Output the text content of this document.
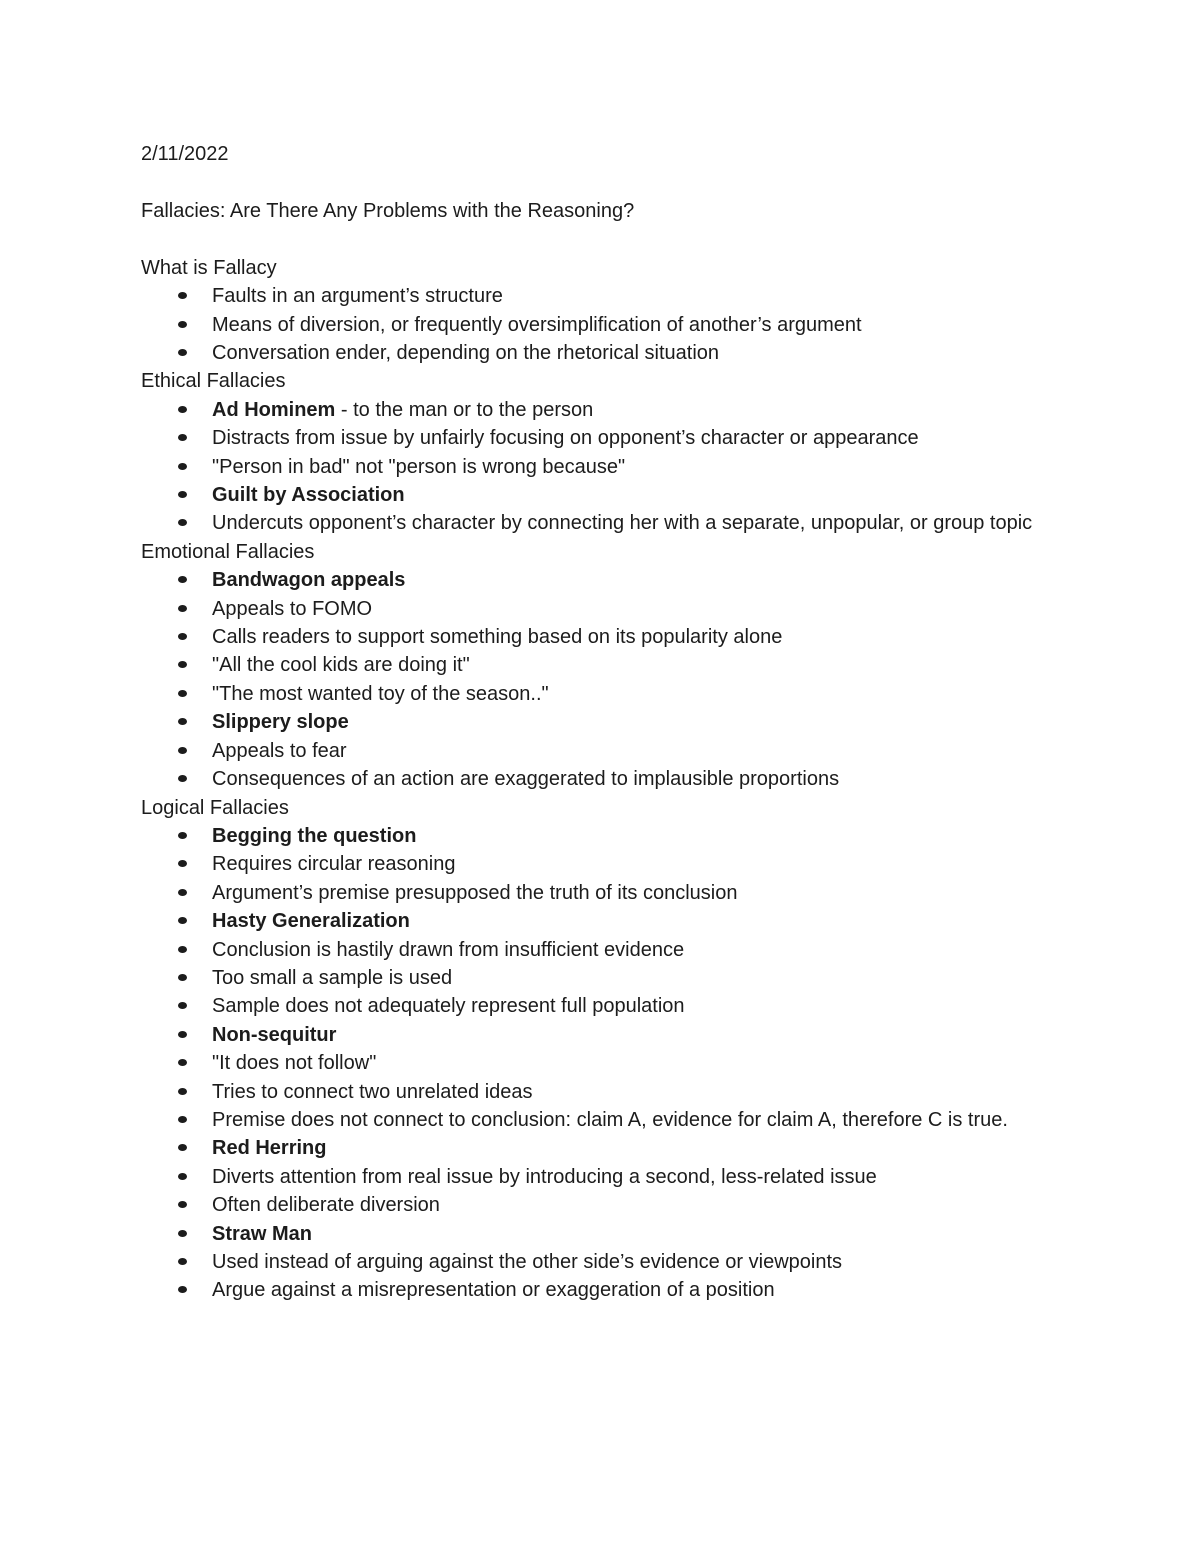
2/11/2022
Fallacies: Are There Any Problems with the Reasoning?
What is Fallacy
Faults in an argument’s structure
Means of diversion, or frequently oversimplification of another’s argument
Conversation ender, depending on the rhetorical situation
Ethical Fallacies
Ad Hominem - to the man or to the person
Distracts from issue by unfairly focusing on opponent’s character or appearance
"Person in bad" not "person is wrong because"
Guilt by Association
Undercuts opponent’s character by connecting her with a separate, unpopular, or group topic
Emotional Fallacies
Bandwagon appeals
Appeals to FOMO
Calls readers to support something based on its popularity alone
"All the cool kids are doing it"
"The most wanted toy of the season.."
Slippery slope
Appeals to fear
Consequences of an action are exaggerated to implausible proportions
Logical Fallacies
Begging the question
Requires circular reasoning
Argument’s premise presupposed the truth of its conclusion
Hasty Generalization
Conclusion is hastily drawn from insufficient evidence
Too small a sample is used
Sample does not adequately represent full population
Non-sequitur
"It does not follow"
Tries to connect two unrelated ideas
Premise does not connect to conclusion: claim A, evidence for claim A, therefore C is true.
Red Herring
Diverts attention from real issue by introducing a second, less-related issue
Often deliberate diversion
Straw Man
Used instead of arguing against the other side’s evidence or viewpoints
Argue against a misrepresentation or exaggeration of a position
